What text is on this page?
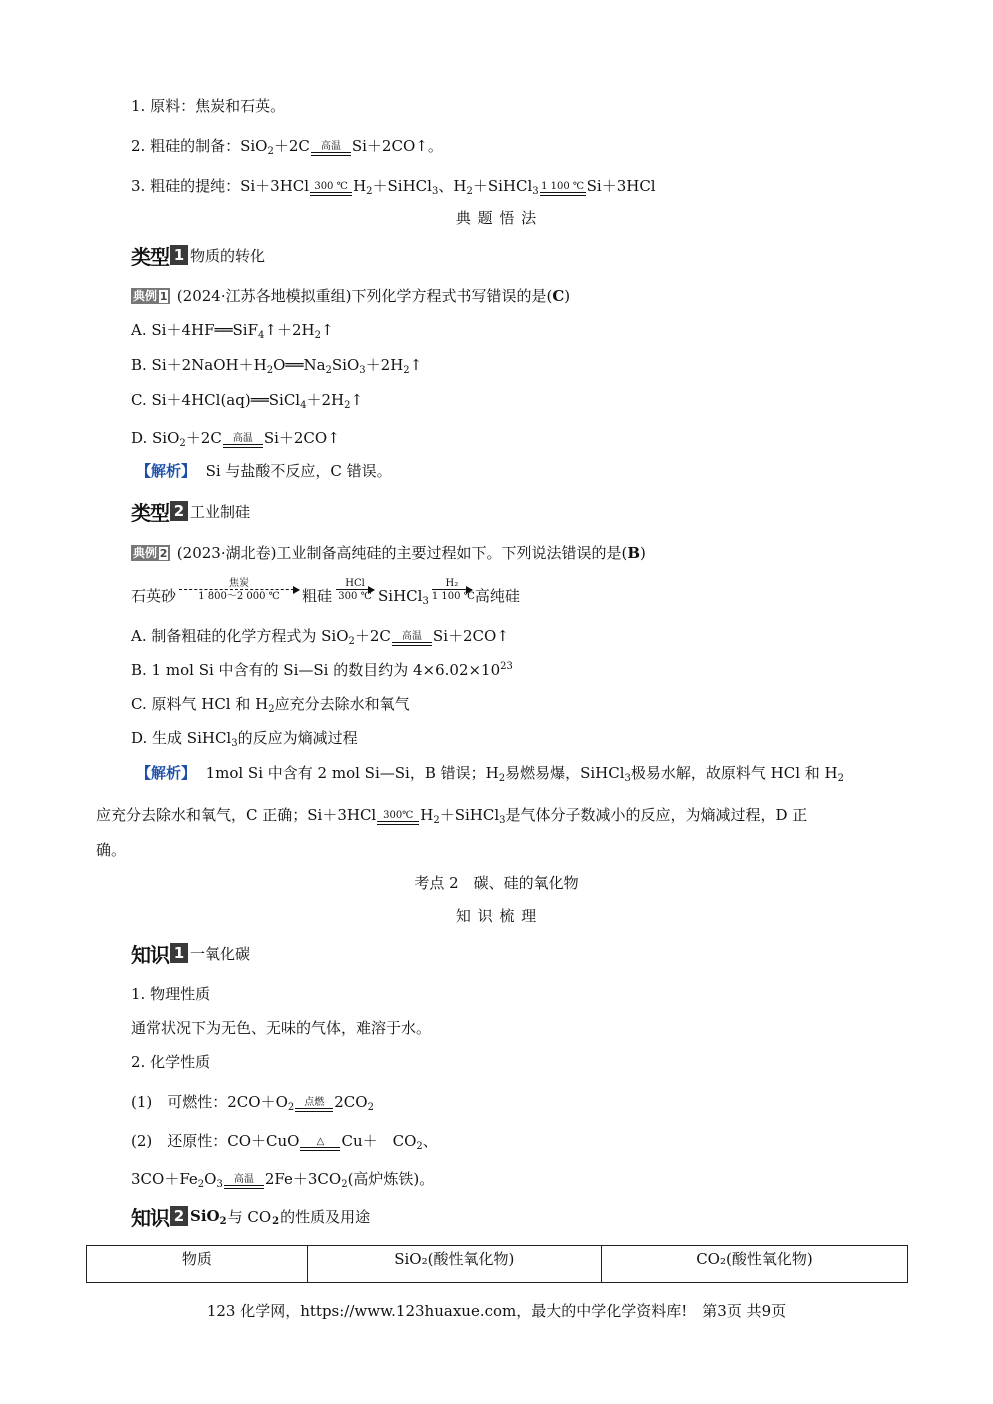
1. 原料：焦炭和石英。
2. 粗硅的制备：SiO$_2$＋2C	高温 Si＋2CO↑。
3. 粗硅的提纯：Si＋3HCl 300 ℃ $H_2+SiHCl_3$、$H_2+SiHCl_3$ 1 100 ℃ Si＋3HCl
典 题 悟 法
类型 1 物质的转化
典例 1 (2024·江苏各地模拟重组)下列化学方程式书写错误的是(C)
A. $Si+4HF══SiF_4↑+2H_2↑$
B. $Si+2NaOH+H_2O══Na_2SiO_3+2H_2↑$
C. $Si+4HCl(aq)══SiCl_4+2H_2↑$
D. SiO$_2$＋2C	高温 Si＋2CO↑
【解析】 Si 与盐酸不反应，C 错误。
类型 2 工业制硅
典例 2 (2023·湖北卷)工业制备高纯硅的主要过程如下。下列说法错误的是(B)
石英砂
焦炭
1 800～2 000 ℃	粗硅
HCl
300 ℃ SiHCl$_3$ $\frac{\text{H₂}}{1 100 ℃}$ 高纯硅
A. 制备粗硅的化学方程式为 SiO$_2$＋2C	高温 Si＋2CO↑
B. 1 mol Si 中含有的 Si—Si 的数目约为 $4\times 6.02\times 10^{23}$
C. 原料气 HCl 和 $H_2$应充分去除水和氧气
D. 生成 SiHCl$_3$的反应为熵减过程
【解析】 1mol Si 中含有 2 mol Si—Si，B 错误；$H_2$易燃易爆，SiHCl$_3$极易水解，故原料气 HCl 和 $H_2$
应充分去除水和氧气，C 正确；Si＋3HCl 300℃ $H_2+SiHCl_3$是气体分子数减小的反应，为熵减过程，D 正
确。
考点 2　碳、硅的氧化物
知 识 梳 理
知识 1 一氧化碳
1. 物理性质
通常状况下为无色、无味的气体，难溶于水。
2. 化学性质
(1)　可燃性：$2CO+O_2$	点燃 $2CO_2$
(2)　还原性：CO＋CuO	△	Cu＋　$CO_2$、
$3CO+Fe_2O_3$	高温 $2Fe+3CO_2$(高炉炼铁)。
知识 2 SiO$_2$ 与 CO $_2$ 的性质及用途
物质	SiO₂(酸性氧化物)	CO₂(酸性氧化物)
123 化学网，https://www.123huaxue.com，最大的中学化学资料库!　第3页 共9页
